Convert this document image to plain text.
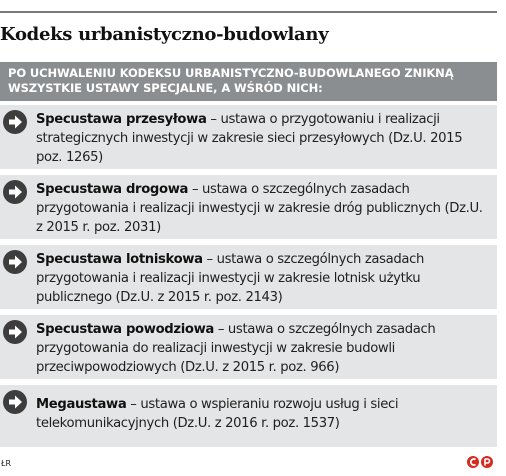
Kodeks urbanistyczno-budowlany
PO UCHWALENIU KODEKSU URBANISTYCZNO-BUDOWLANEGO ZNIKNĄ WSZYSTKIE USTAWY SPECJALNE, A WŚRÓD NICH:
Specustawa przesyłowa – ustawa o przygotowaniu i realizacji strategicznych inwestycji w zakresie sieci przesyłowych (Dz.U. 2015 poz. 1265)
Specustawa drogowa – ustawa o szczególnych zasadach przygotowania i realizacji inwestycji w zakresie dróg publicznych (Dz.U. z 2015 r. poz. 2031)
Specustawa lotniskowa – ustawa o szczególnych zasadach przygotowania i realizacji inwestycji w zakresie lotnisk użytku publicznego (Dz.U. z 2015 r. poz. 2143)
Specustawa powodziowa – ustawa o szczególnych zasadach przygotowania do realizacji inwestycji w zakresie budowli przeciwpowodziowych (Dz.U. z 2015 r. poz. 966)
Megaustawa – ustawa o wspieraniu rozwoju usług i sieci telekomunikacyjnych (Dz.U. z 2016 r. poz. 1537)
ŁR
